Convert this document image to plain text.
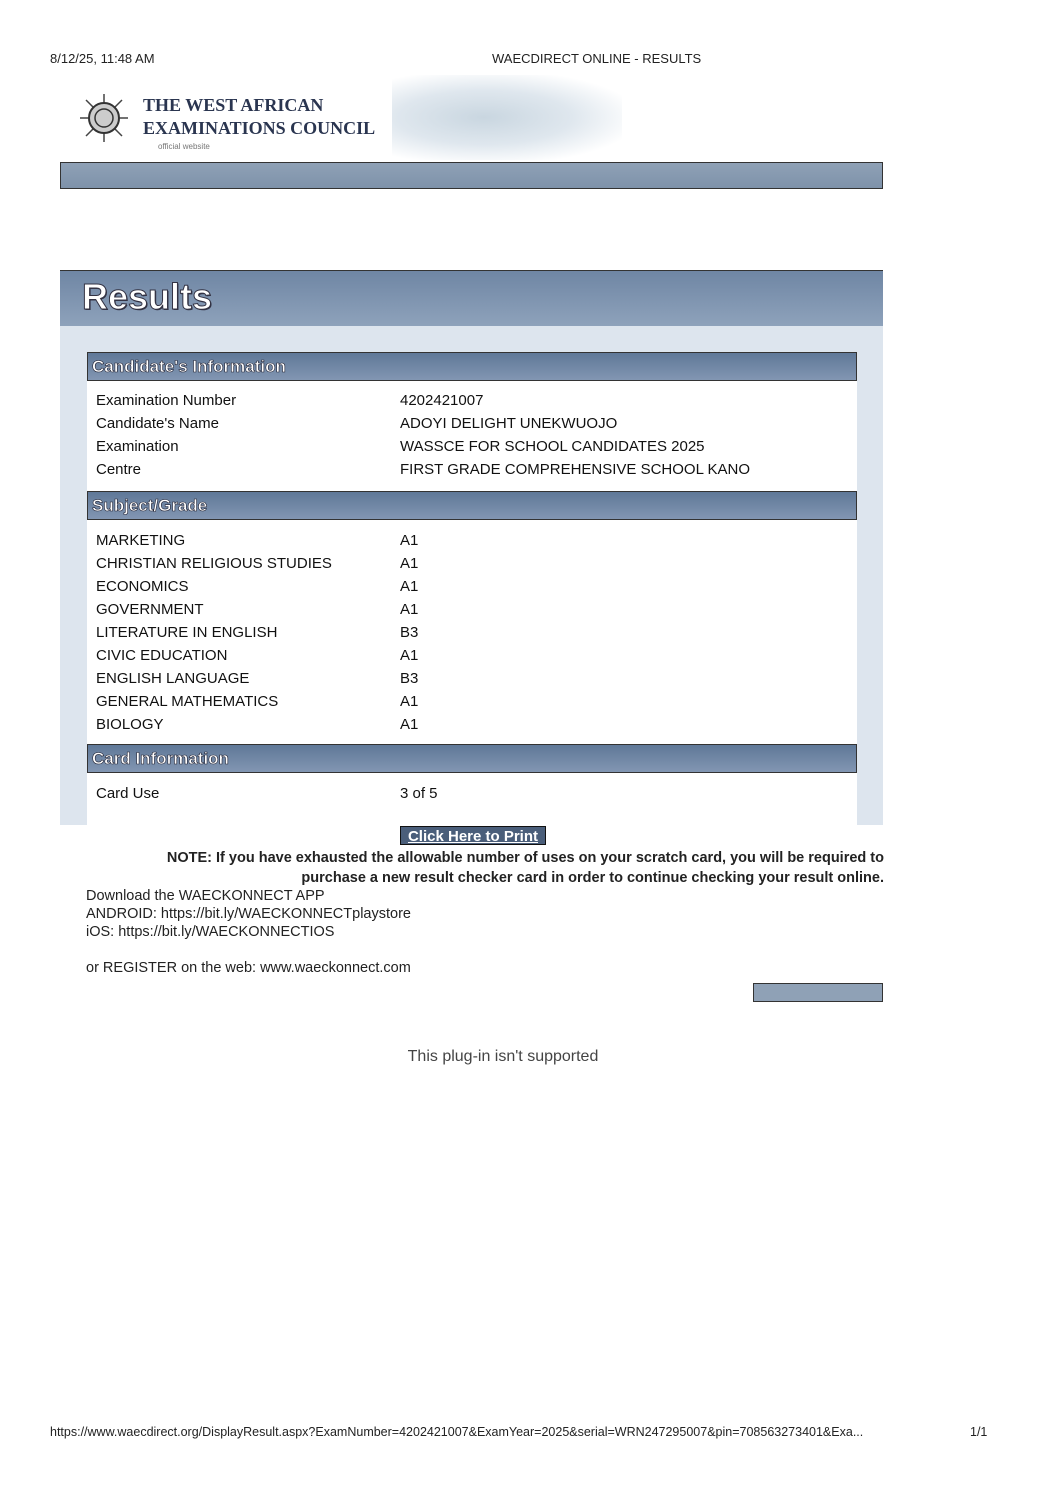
8/12/25, 11:48 AM	WAECDIRECT ONLINE - RESULTS
THE WEST AFRICAN
EXAMINATIONS COUNCIL
official website
Results
Candidate's Information
Examination Number	4202421007
Candidate's Name	ADOYI DELIGHT UNEKWUOJO
Examination	WASSCE FOR SCHOOL CANDIDATES 2025
Centre	FIRST GRADE COMPREHENSIVE SCHOOL KANO
Subject/Grade
MARKETING	A1
CHRISTIAN RELIGIOUS STUDIES	A1
ECONOMICS	A1
GOVERNMENT	A1
LITERATURE IN ENGLISH	B3
CIVIC EDUCATION	A1
ENGLISH LANGUAGE	B3
GENERAL MATHEMATICS	A1
BIOLOGY	A1
Card Information
Card Use	3 of 5
Click Here to Print
NOTE: If you have exhausted the allowable number of uses on your scratch card, you will be required to
purchase a new result checker card in order to continue checking your result online.
Download the WAECKONNECT APP
ANDROID: https://bit.ly/WAECKONNECTplaystore
iOS: https://bit.ly/WAECKONNECTIOS
or REGISTER on the web: www.waeckonnect.com
This plug-in isn't supported
https://www.waecdirect.org/DisplayResult.aspx?ExamNumber=4202421007&ExamYear=2025&serial=WRN247295007&pin=708563273401&Exa...	1/1
